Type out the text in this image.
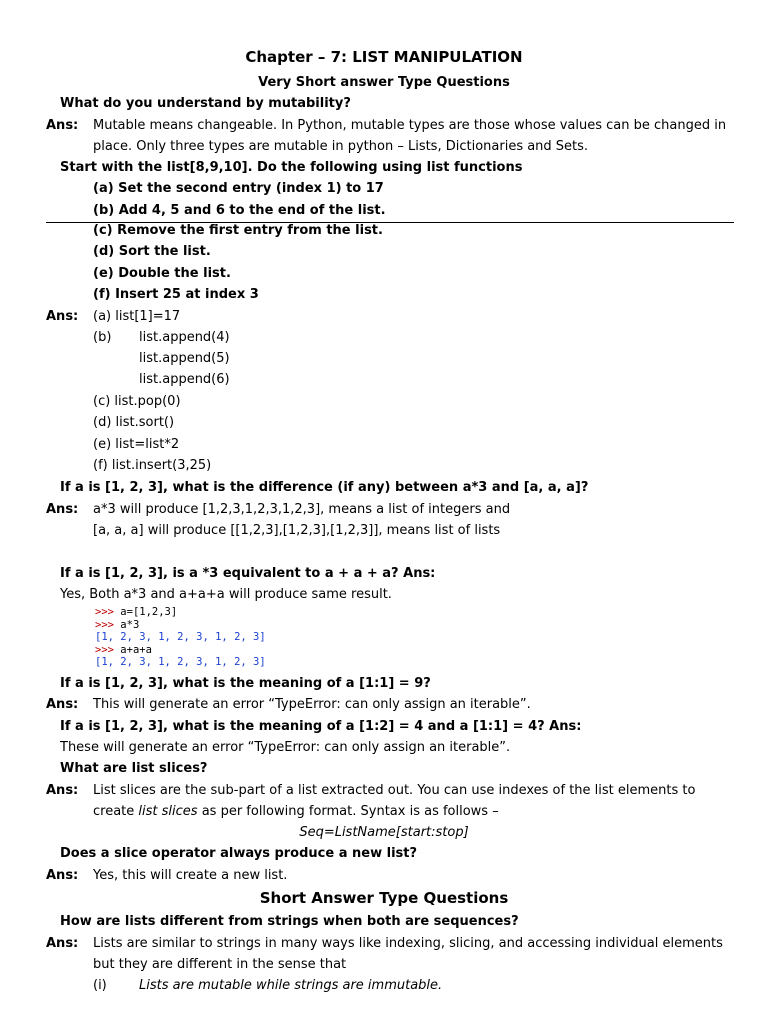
Chapter – 7: LIST MANIPULATION
Very Short answer Type Questions
What do you understand by mutability?
Ans: Mutable means changeable. In Python, mutable types are those whose values can be changed in
place. Only three types are mutable in python – Lists, Dictionaries and Sets.
Start with the list[8,9,10]. Do the following using list functions
(a) Set the second entry (index 1) to 17
(b) Add 4, 5 and 6 to the end of the list.
(c) Remove the first entry from the list.
(d) Sort the list.
(e) Double the list.
(f) Insert 25 at index 3
Ans: (a) list[1]=17
(b) list.append(4)
list.append(5)
list.append(6)
(c) list.pop(0)
(d) list.sort()
(e) list=list*2
(f) list.insert(3,25)
If a is [1, 2, 3], what is the difference (if any) between a*3 and [a, a, a]?
Ans: a*3 will produce [1,2,3,1,2,3,1,2,3], means a list of integers and
[a, a, a] will produce [[1,2,3],[1,2,3],[1,2,3]], means list of lists
If a is [1, 2, 3], is a *3 equivalent to a + a + a? Ans:
Yes, Both a*3 and a+a+a will produce same result.
>>> a=[1,2,3]
>>> a*3
[1, 2, 3, 1, 2, 3, 1, 2, 3]
>>> a+a+a
[1, 2, 3, 1, 2, 3, 1, 2, 3]
If a is [1, 2, 3], what is the meaning of a [1:1] = 9?
Ans: This will generate an error “TypeError: can only assign an iterable”.
If a is [1, 2, 3], what is the meaning of a [1:2] = 4 and a [1:1] = 4? Ans:
These will generate an error “TypeError: can only assign an iterable”.
What are list slices?
Ans: List slices are the sub-part of a list extracted out. You can use indexes of the list elements to
create list slices as per following format. Syntax is as follows –
Seq=ListName[start:stop]
Does a slice operator always produce a new list?
Ans: Yes, this will create a new list.
Short Answer Type Questions
How are lists different from strings when both are sequences?
Ans: Lists are similar to strings in many ways like indexing, slicing, and accessing individual elements
but they are different in the sense that
(i) Lists are mutable while strings are immutable.
